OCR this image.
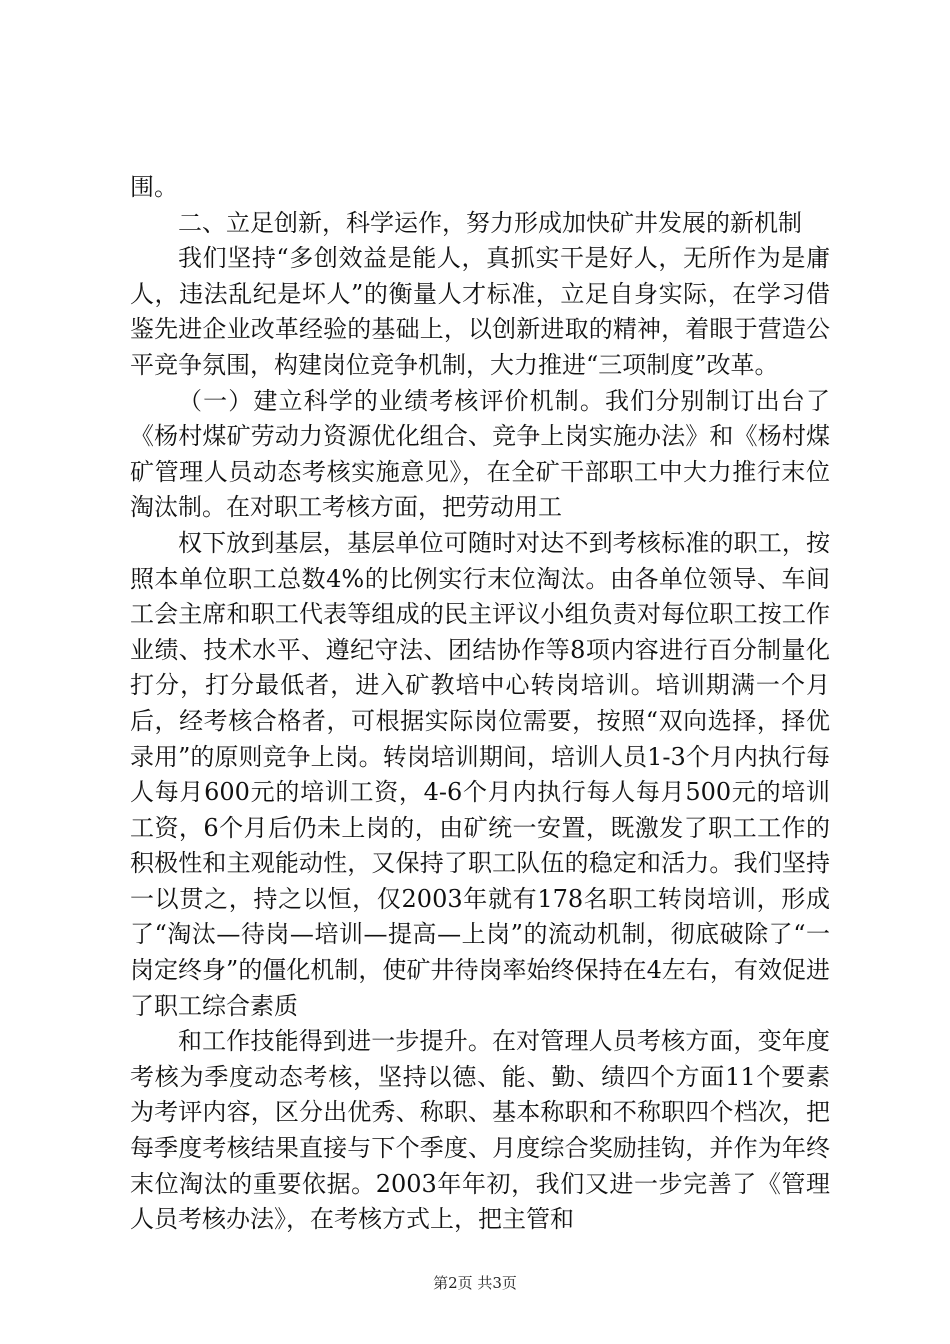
围。

二、立足创新，科学运作，努力形成加快矿井发展的新机制

我们坚持“多创效益是能人，真抓实干是好人，无所作为是庸人，违法乱纪是坏人”的衡量人才标准，立足自身实际，在学习借鉴先进企业改革经验的基础上，以创新进取的精神，着眼于营造公平竞争氛围，构建岗位竞争机制，大力推进“三项制度”改革。

（一）建立科学的业绩考核评价机制。我们分别制订出台了《杨村煤矿劳动力资源优化组合、竞争上岗实施办法》和《杨村煤矿管理人员动态考核实施意见》，在全矿干部职工中大力推行末位淘汰制。在对职工考核方面，把劳动用工

权下放到基层，基层单位可随时对达不到考核标准的职工，按照本单位职工总数4%的比例实行末位淘汰。由各单位领导、车间工会主席和职工代表等组成的民主评议小组负责对每位职工按工作业绩、技术水平、遵纪守法、团结协作等8项内容进行百分制量化打分，打分最低者，进入矿教培中心转岗培训。培训期满一个月后，经考核合格者，可根据实际岗位需要，按照“双向选择，择优录用”的原则竞争上岗。转岗培训期间，培训人员1-3个月内执行每人每月600元的培训工资，4-6个月内执行每人每月500元的培训工资，6个月后仍未上岗的，由矿统一安置，既激发了职工工作的积极性和主观能动性，又保持了职工队伍的稳定和活力。我们坚持一以贯之，持之以恒，仅2003年就有178名职工转岗培训，形成了“淘汰—待岗—培训—提高—上岗”的流动机制，彻底破除了“一岗定终身”的僵化机制，使矿井待岗率始终保持在4左右，有效促进了职工综合素质

和工作技能得到进一步提升。在对管理人员考核方面，变年度考核为季度动态考核，坚持以德、能、勤、绩四个方面11个要素为考评内容，区分出优秀、称职、基本称职和不称职四个档次，把每季度考核结果直接与下个季度、月度综合奖励挂钩，并作为年终末位淘汰的重要依据。2003年年初，我们又进一步完善了《管理人员考核办法》，在考核方式上，把主管和

第2页 共3页
